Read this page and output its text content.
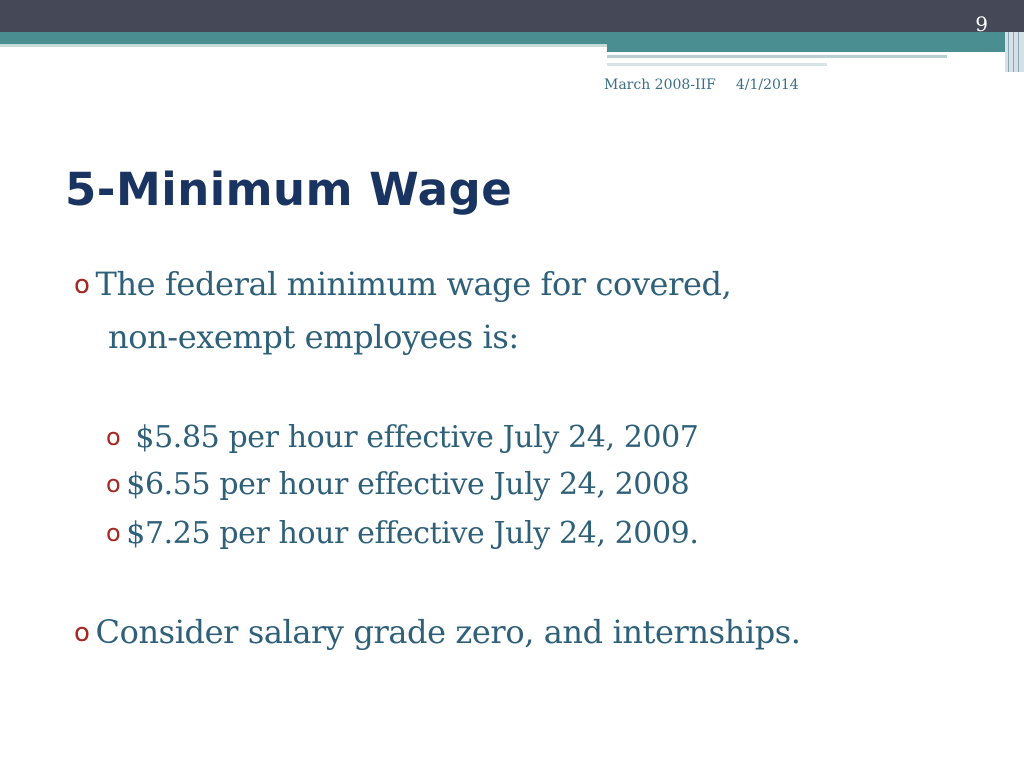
9
March 2008-IIF 4/1/2014
5-Minimum Wage
o The federal minimum wage for covered,
non-exempt employees is:
o $5.85 per hour effective July 24, 2007
o $6.55 per hour effective July 24, 2008
o $7.25 per hour effective July 24, 2009.
o Consider salary grade zero, and internships.
